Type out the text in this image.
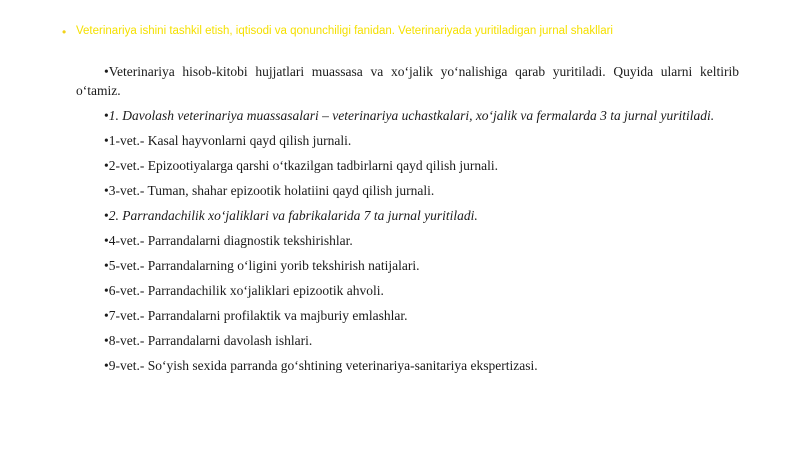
• Veterinariya ishini tashkil etish, iqtisodi va qonunchiligi fanidan. Veterinariyada yuritiladigan jurnal shakllari

•Veterinariya hisob-kitobi hujjatlari muassasa va xo‘jalik yo‘nalishiga qarab yuritiladi. Quyida ularni keltirib o‘tamiz.

•1. Davolash veterinariya muassasalari – veterinariya uchastkalari, xo‘jalik va fermalarda 3 ta jurnal yuritiladi.

•1-vet.- Kasal hayvonlarni qayd qilish jurnali.

•2-vet.- Epizootiyalarga qarshi o‘tkazilgan tadbirlarni qayd qilish jurnali.

•3-vet.- Tuman, shahar epizootik holatiini qayd qilish jurnali.

•2. Parrandachilik xo‘jaliklari va fabrikalarida 7 ta jurnal yuritiladi.

•4-vet.- Parrandalarni diagnostik tekshirishlar.

•5-vet.- Parrandalarning o‘ligini yorib tekshirish natijalari.

•6-vet.- Parrandachilik xo‘jaliklari epizootik ahvoli.

•7-vet.- Parrandalarni profilaktik va majburiy emlashlar.

•8-vet.- Parrandalarni davolash ishlari.

•9-vet.- So‘yish sexida parranda go‘shtining veterinariya-sanitariya ekspertizasi.
